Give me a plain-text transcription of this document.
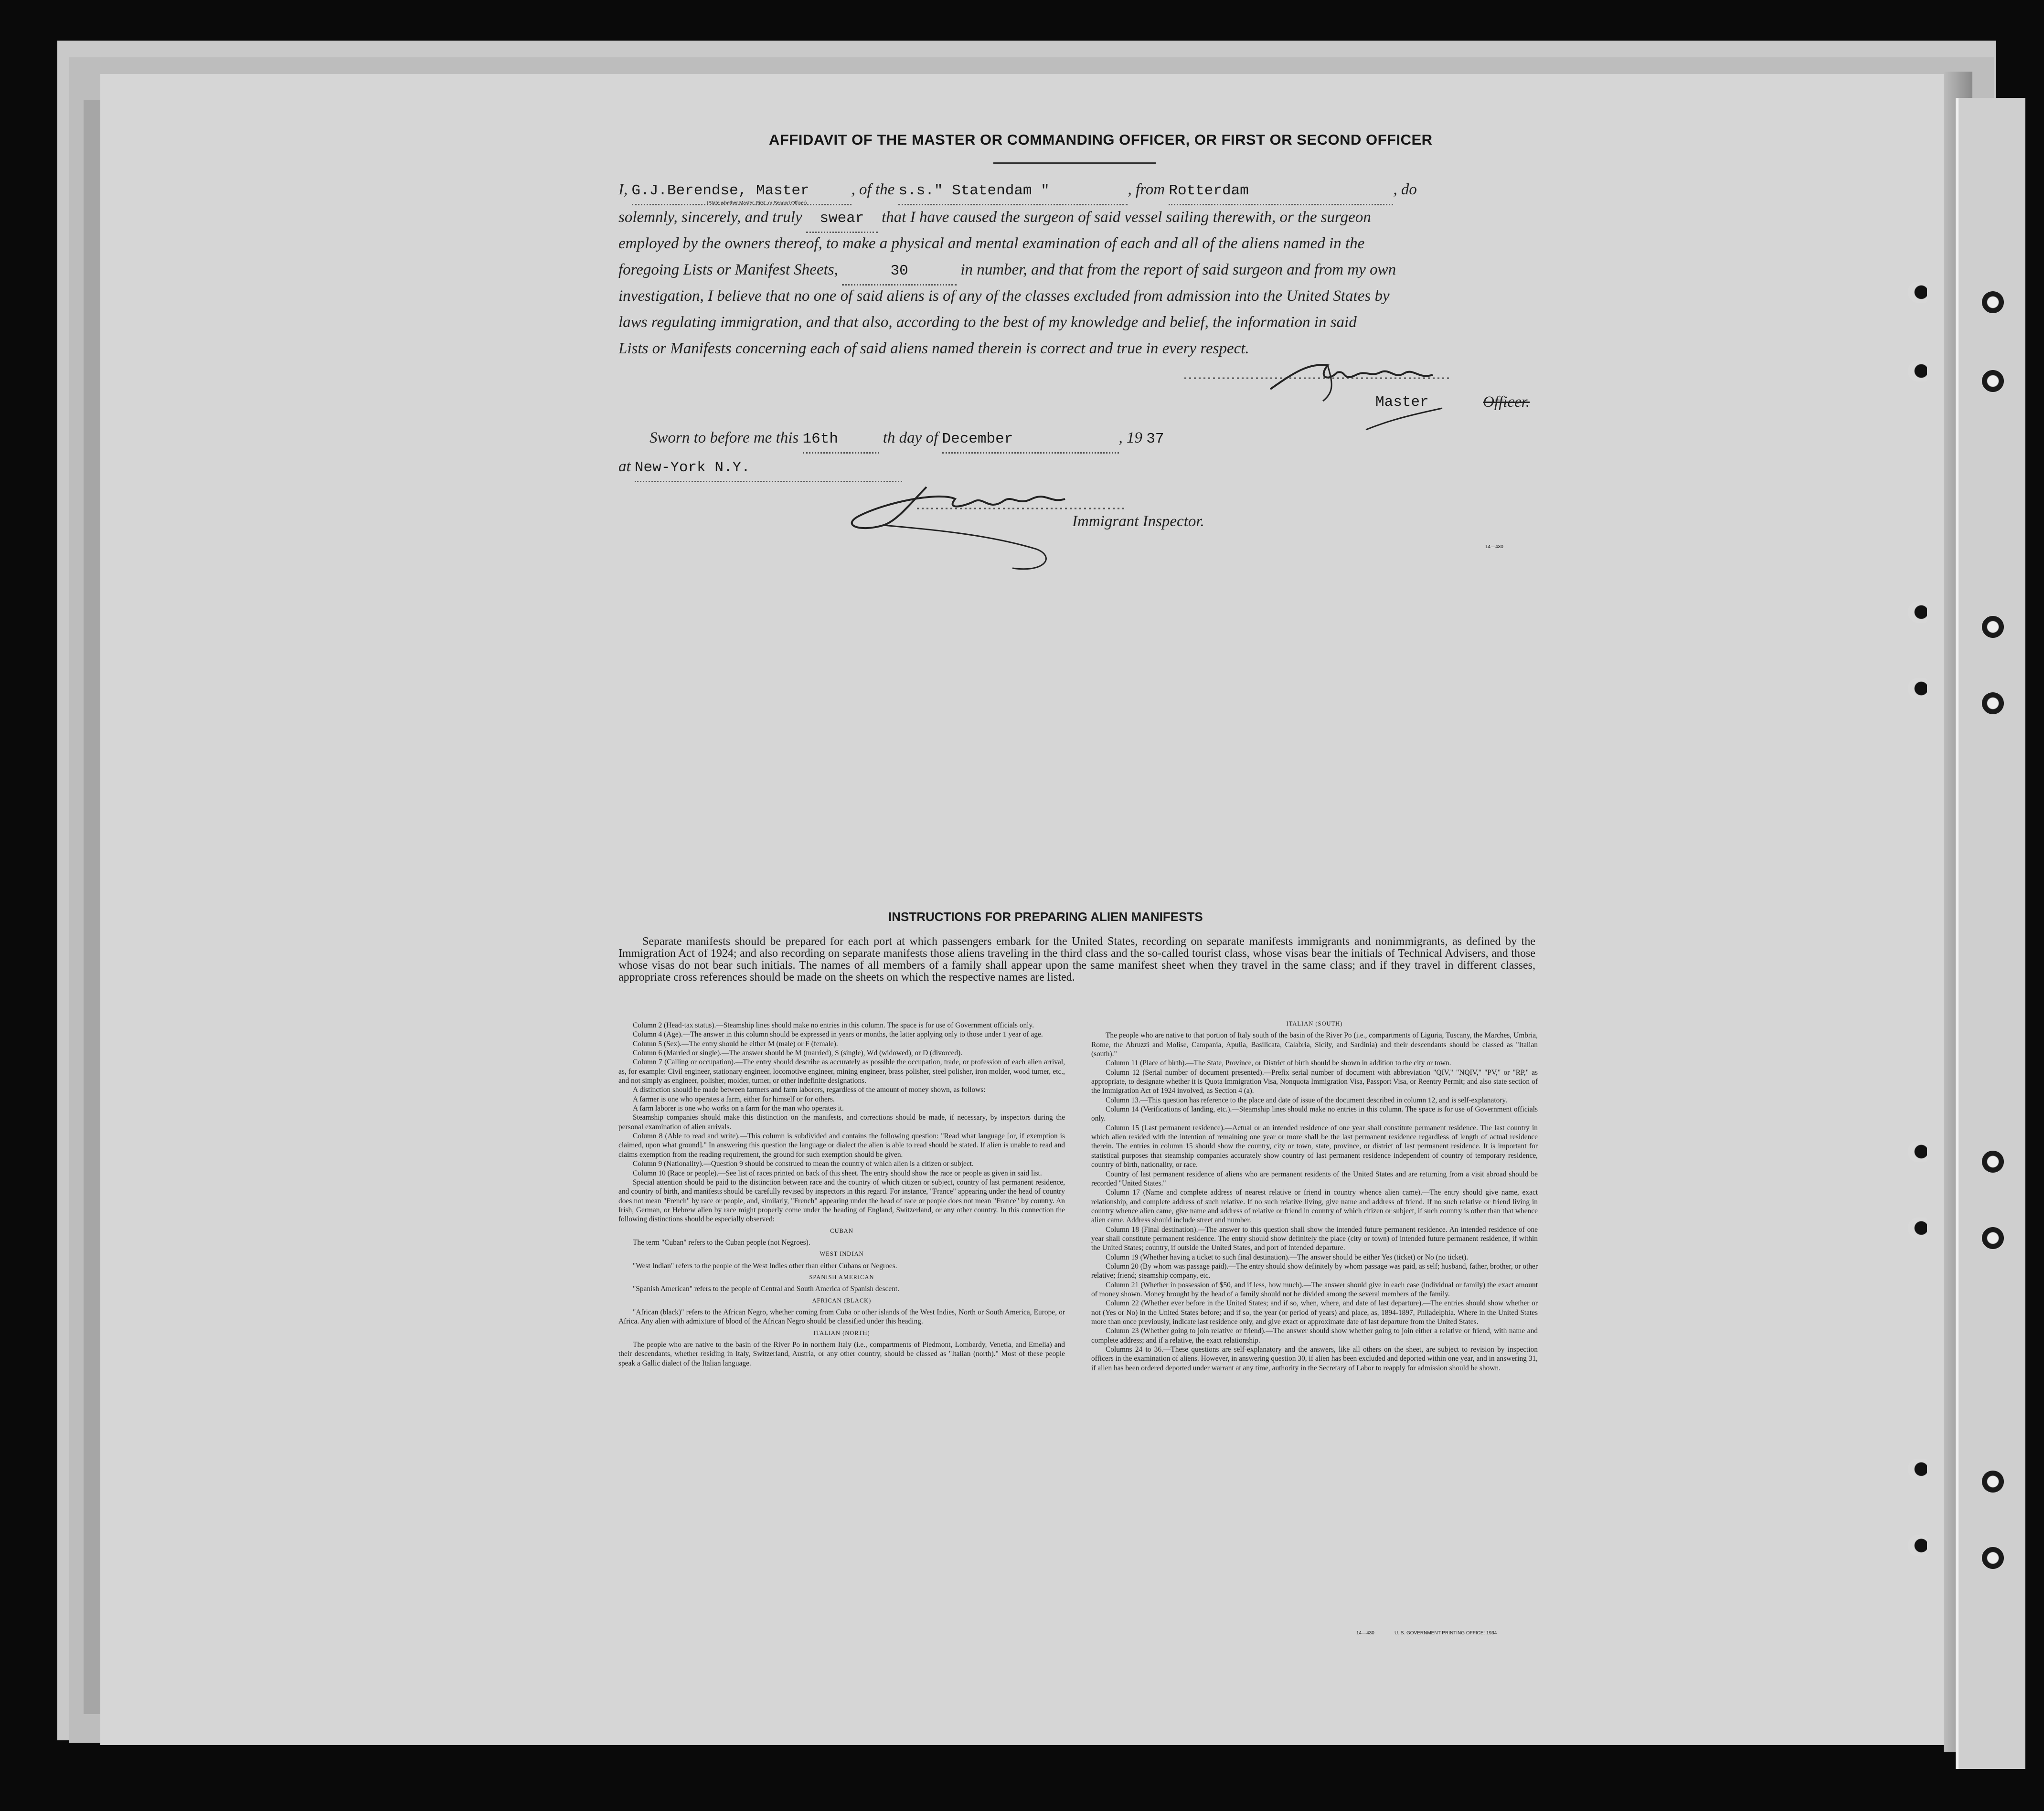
AFFIDAVIT OF THE MASTER OR COMMANDING OFFICER, OR FIRST OR SECOND OFFICER
I, G.J.Berendse, Master	, of the s.s." Statendam "	, from Rotterdam	, do
(State whether Master, First, or Second Officer)
solemnly, sincerely, and truly swear that I have caused the surgeon of said vessel sailing therewith, or the surgeon
employed by the owners thereof, to make a physical and mental examination of each and all of the aliens named in the
foregoing Lists or Manifest Sheets,	30	in number, and that from the report of said surgeon and from my own
investigation, I believe that no one of said aliens is of any of the classes excluded from admission into the United States by
laws regulating immigration, and that also, according to the best of my knowledge and belief, the information in said
Lists or Manifests concerning each of said aliens named therein is correct and true in every respect.
Master	Officer.
Sworn to before me this 16th	th day of December	, 19 37
at New-York N.Y.
Immigrant Inspector.
14—430
INSTRUCTIONS FOR PREPARING ALIEN MANIFESTS
Separate manifests should be prepared for each port at which passengers embark for the United States, recording on separate manifests immigrants and nonimmigrants, as defined by the Immigration Act of 1924; and also recording on separate manifests those aliens traveling in the third class and the so-called tourist class, whose visas bear the initials of Technical Advisers, and those whose visas do not bear such initials. The names of all members of a family shall appear upon the same manifest sheet when they travel in the same class; and if they travel in different classes, appropriate cross references should be made on the sheets on which the respective names are listed.

Column 2 (Head-tax status).—Steamship lines should make no entries in this column. The space is for use of Government officials only.

Column 4 (Age).—The answer in this column should be expressed in years or months, the latter applying only to those under 1 year of age.

Column 5 (Sex).—The entry should be either M (male) or F (female).

Column 6 (Married or single).—The answer should be M (married), S (single), Wd (widowed), or D (divorced).

Column 7 (Calling or occupation).—The entry should describe as accurately as possible the occupation, trade, or profession of each alien arrival, as, for example: Civil engineer, stationary engineer, locomotive engineer, mining engineer, brass polisher, steel polisher, iron molder, wood turner, etc., and not simply as engineer, polisher, molder, turner, or other indefinite designations.

A distinction should be made between farmers and farm laborers, regardless of the amount of money shown, as follows:

A farmer is one who operates a farm, either for himself or for others.

A farm laborer is one who works on a farm for the man who operates it.

Steamship companies should make this distinction on the manifests, and corrections should be made, if necessary, by inspectors during the personal examination of alien arrivals.

Column 8 (Able to read and write).—This column is subdivided and contains the following question: "Read what language [or, if exemption is claimed, upon what ground]." In answering this question the language or dialect the alien is able to read should be stated. If alien is unable to read and claims exemption from the reading requirement, the ground for such exemption should be given.

Column 9 (Nationality).—Question 9 should be construed to mean the country of which alien is a citizen or subject.

Column 10 (Race or people).—See list of races printed on back of this sheet. The entry should show the race or people as given in said list.

Special attention should be paid to the distinction between race and the country of which citizen or subject, country of last permanent residence, and country of birth, and manifests should be carefully revised by inspectors in this regard. For instance, "France" appearing under the head of country does not mean "French" by race or people, and, similarly, "French" appearing under the head of race or people does not mean "France" by country. An Irish, German, or Hebrew alien by race might properly come under the heading of England, Switzerland, or any other country. In this connection the following distinctions should be especially observed:

CUBAN

The term "Cuban" refers to the Cuban people (not Negroes).

WEST INDIAN

"West Indian" refers to the people of the West Indies other than either Cubans or Negroes.

SPANISH AMERICAN

"Spanish American" refers to the people of Central and South America of Spanish descent.

AFRICAN (BLACK)

"African (black)" refers to the African Negro, whether coming from Cuba or other islands of the West Indies, North or South America, Europe, or Africa. Any alien with admixture of blood of the African Negro should be classified under this heading.

ITALIAN (NORTH)

The people who are native to the basin of the River Po in northern Italy (i.e., compartments of Piedmont, Lombardy, Venetia, and Emelia) and their descendants, whether residing in Italy, Switzerland, Austria, or any other country, should be classed as "Italian (north)." Most of these people speak a Gallic dialect of the Italian language.

ITALIAN (SOUTH)

The people who are native to that portion of Italy south of the basin of the River Po (i.e., compartments of Liguria, Tuscany, the Marches, Umbria, Rome, the Abruzzi and Molise, Campania, Apulia, Basilicata, Calabria, Sicily, and Sardinia) and their descendants should be classed as "Italian (south)."

Column 11 (Place of birth).—The State, Province, or District of birth should be shown in addition to the city or town.

Column 12 (Serial number of document presented).—Prefix serial number of document with abbreviation "QIV," "NQIV," "PV," or "RP," as appropriate, to designate whether it is Quota Immigration Visa, Nonquota Immigration Visa, Passport Visa, or Reentry Permit; and also state section of the Immigration Act of 1924 involved, as Section 4 (a).

Column 13.—This question has reference to the place and date of issue of the document described in column 12, and is self-explanatory.

Column 14 (Verifications of landing, etc.).—Steamship lines should make no entries in this column. The space is for use of Government officials only.

Column 15 (Last permanent residence).—Actual or an intended residence of one year shall constitute permanent residence. The last country in which alien resided with the intention of remaining one year or more shall be the last permanent residence regardless of length of actual residence therein. The entries in column 15 should show the country, city or town, state, province, or district of last permanent residence. It is important for statistical purposes that steamship companies accurately show country of last permanent residence independent of country of temporary residence, country of birth, nationality, or race.

Country of last permanent residence of aliens who are permanent residents of the United States and are returning from a visit abroad should be recorded "United States."

Column 17 (Name and complete address of nearest relative or friend in country whence alien came).—The entry should give name, exact relationship, and complete address of such relative. If no such relative living, give name and address of friend. If no such relative or friend living in country whence alien came, give name and address of relative or friend in country of which citizen or subject, if such country is other than that whence alien came. Address should include street and number.

Column 18 (Final destination).—The answer to this question shall show the intended future permanent residence. An intended residence of one year shall constitute permanent residence. The entry should show definitely the place (city or town) of intended future permanent residence, if within the United States; country, if outside the United States, and port of intended departure.

Column 19 (Whether having a ticket to such final destination).—The answer should be either Yes (ticket) or No (no ticket).

Column 20 (By whom was passage paid).—The entry should show definitely by whom passage was paid, as self; husband, father, brother, or other relative; friend; steamship company, etc.

Column 21 (Whether in possession of $50, and if less, how much).—The answer should give in each case (individual or family) the exact amount of money shown. Money brought by the head of a family should not be divided among the several members of the family.

Column 22 (Whether ever before in the United States; and if so, when, where, and date of last departure).—The entries should show whether or not (Yes or No) in the United States before; and if so, the year (or period of years) and place, as, 1894-1897, Philadelphia. Where in the United States more than once previously, indicate last residence only, and give exact or approximate date of last departure from the United States.

Column 23 (Whether going to join relative or friend).—The answer should show whether going to join either a relative or friend, with name and complete address; and if a relative, the exact relationship.

Columns 24 to 36.—These questions are self-explanatory and the answers, like all others on the sheet, are subject to revision by inspection officers in the examination of aliens. However, in answering question 30, if alien has been excluded and deported within one year, and in answering 31, if alien has been ordered deported under warrant at any time, authority in the Secretary of Labor to reapply for admission should be shown.

14—430	U. S. GOVERNMENT PRINTING OFFICE: 1934
